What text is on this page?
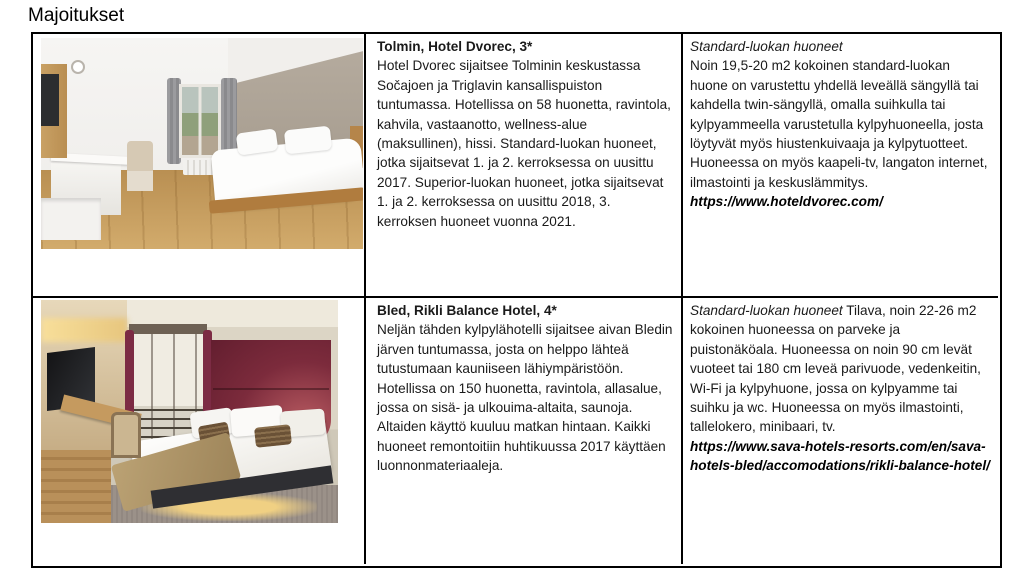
Majoitukset

Tolmin, Hotel Dvorec, 3*

Hotel Dvorec sijaitsee Tolminin keskustassa Sočajoen ja Triglavin kansallispuiston tuntumassa. Hotellissa on 58 huonetta, ravintola, kahvila, vastaanotto, wellness-alue (maksullinen), hissi. Standard-luokan huoneet, jotka sijaitsevat 1. ja 2. kerroksessa on uusittu 2017. Superior-luokan huoneet, jotka sijaitsevat 1. ja 2. kerroksessa on uusittu 2018, 3. kerroksen huoneet vuonna 2021.

Standard-luokan huoneet

Noin 19,5-20 m2 kokoinen standard-luokan huone on varustettu yhdellä leveällä sängyllä tai kahdella twin-sängyllä, omalla suihkulla tai kylpyammeella varustetulla kylpyhuoneella, josta löytyvät myös hiustenkuivaaja ja kylpytuotteet. Huoneessa on myös kaapeli-tv, langaton internet, ilmastointi ja keskuslämmitys.

https://www.hoteldvorec.com/

Bled, Rikli Balance Hotel, 4*

Neljän tähden kylpylähotelli sijaitsee aivan Bledin järven tuntumassa, josta on helppo lähteä tutustumaan kauniiseen lähiympäristöön. Hotellissa on 150 huonetta, ravintola, allasalue, jossa on sisä- ja ulkouima-altaita, saunoja. Altaiden käyttö kuuluu matkan hintaan. Kaikki huoneet remontoitiin huhtikuussa 2017 käyttäen luonnonmateriaaleja.

Standard-luokan huoneet Tilava, noin 22-26 m2 kokoinen huoneessa on parveke ja puistonäköala. Huoneessa on noin 90 cm levät vuoteet tai 180 cm leveä parivuode, vedenkeitin, Wi-Fi ja kylpyhuone, jossa on kylpyamme tai suihku ja wc. Huoneessa on myös ilmastointi, tallelokero, minibaari, tv.

https://www.sava-hotels-resorts.com/en/sava-hotels-bled/accomodations/rikli-balance-hotel/
